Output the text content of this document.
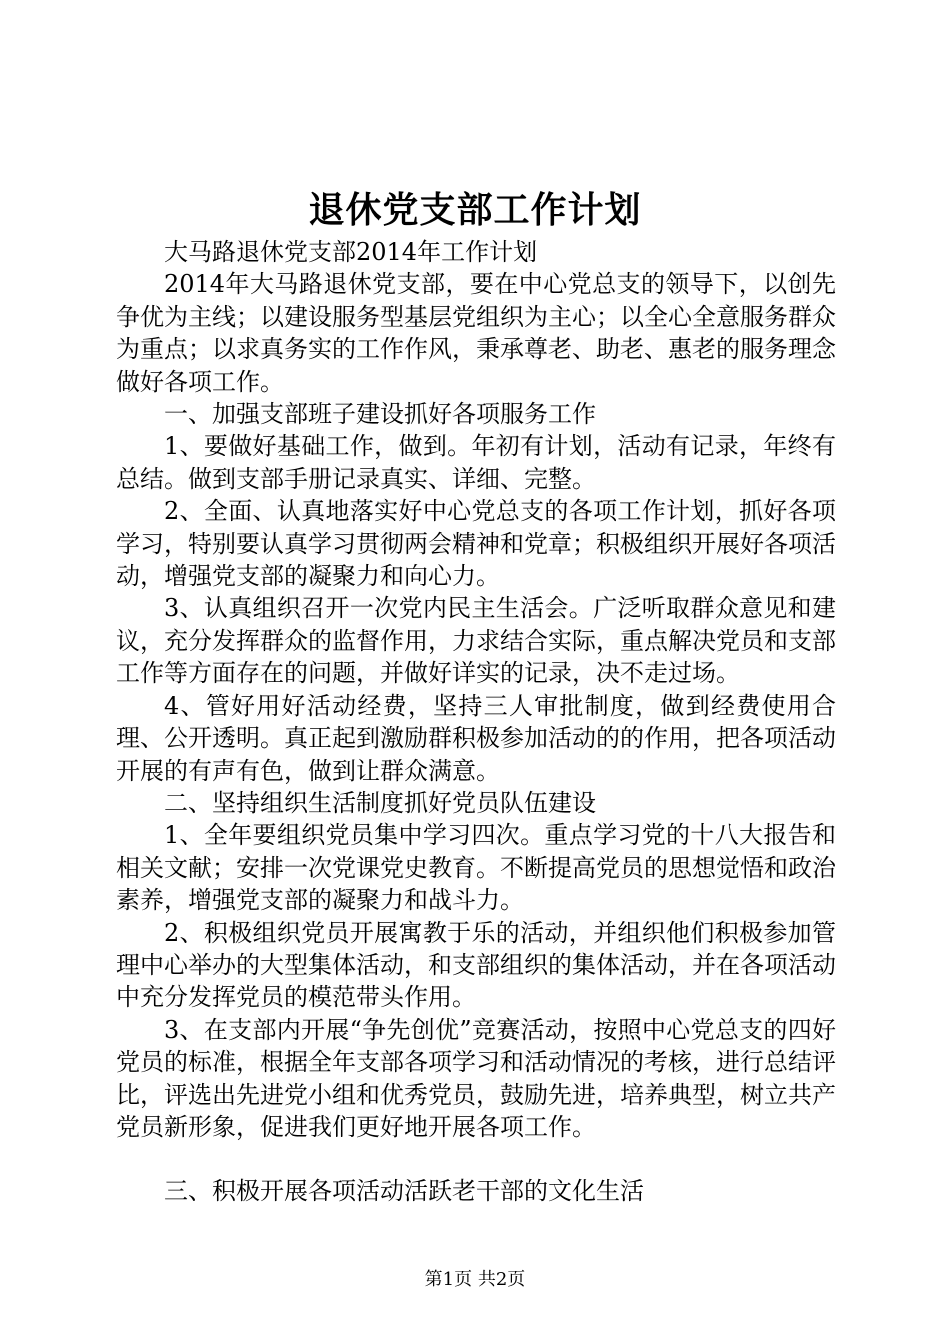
退休党支部工作计划

大马路退休党支部2014年工作计划

2014年大马路退休党支部，要在中心党总支的领导下，以创先争优为主线；以建设服务型基层党组织为主心；以全心全意服务群众为重点；以求真务实的工作作风，秉承尊老、助老、惠老的服务理念做好各项工作。

一、加强支部班子建设抓好各项服务工作

1、要做好基础工作，做到。年初有计划，活动有记录，年终有总结。做到支部手册记录真实、详细、完整。

2、全面、认真地落实好中心党总支的各项工作计划，抓好各项学习，特别要认真学习贯彻两会精神和党章；积极组织开展好各项活动，增强党支部的凝聚力和向心力。

3、认真组织召开一次党内民主生活会。广泛听取群众意见和建议，充分发挥群众的监督作用，力求结合实际，重点解决党员和支部工作等方面存在的问题，并做好详实的记录，决不走过场。

4、管好用好活动经费，坚持三人审批制度，做到经费使用合理、公开透明。真正起到激励群积极参加活动的的作用，把各项活动开展的有声有色，做到让群众满意。

二、坚持组织生活制度抓好党员队伍建设

1、全年要组织党员集中学习四次。重点学习党的十八大报告和相关文献；安排一次党课党史教育。不断提高党员的思想觉悟和政治素养，增强党支部的凝聚力和战斗力。

2、积极组织党员开展寓教于乐的活动，并组织他们积极参加管理中心举办的大型集体活动，和支部组织的集体活动，并在各项活动中充分发挥党员的模范带头作用。

3、在支部内开展“争先创优”竞赛活动，按照中心党总支的四好党员的标准，根据全年支部各项学习和活动情况的考核，进行总结评比，评选出先进党小组和优秀党员，鼓励先进，培养典型，树立共产党员新形象，促进我们更好地开展各项工作。

三、积极开展各项活动活跃老干部的文化生活

第1页 共2页
